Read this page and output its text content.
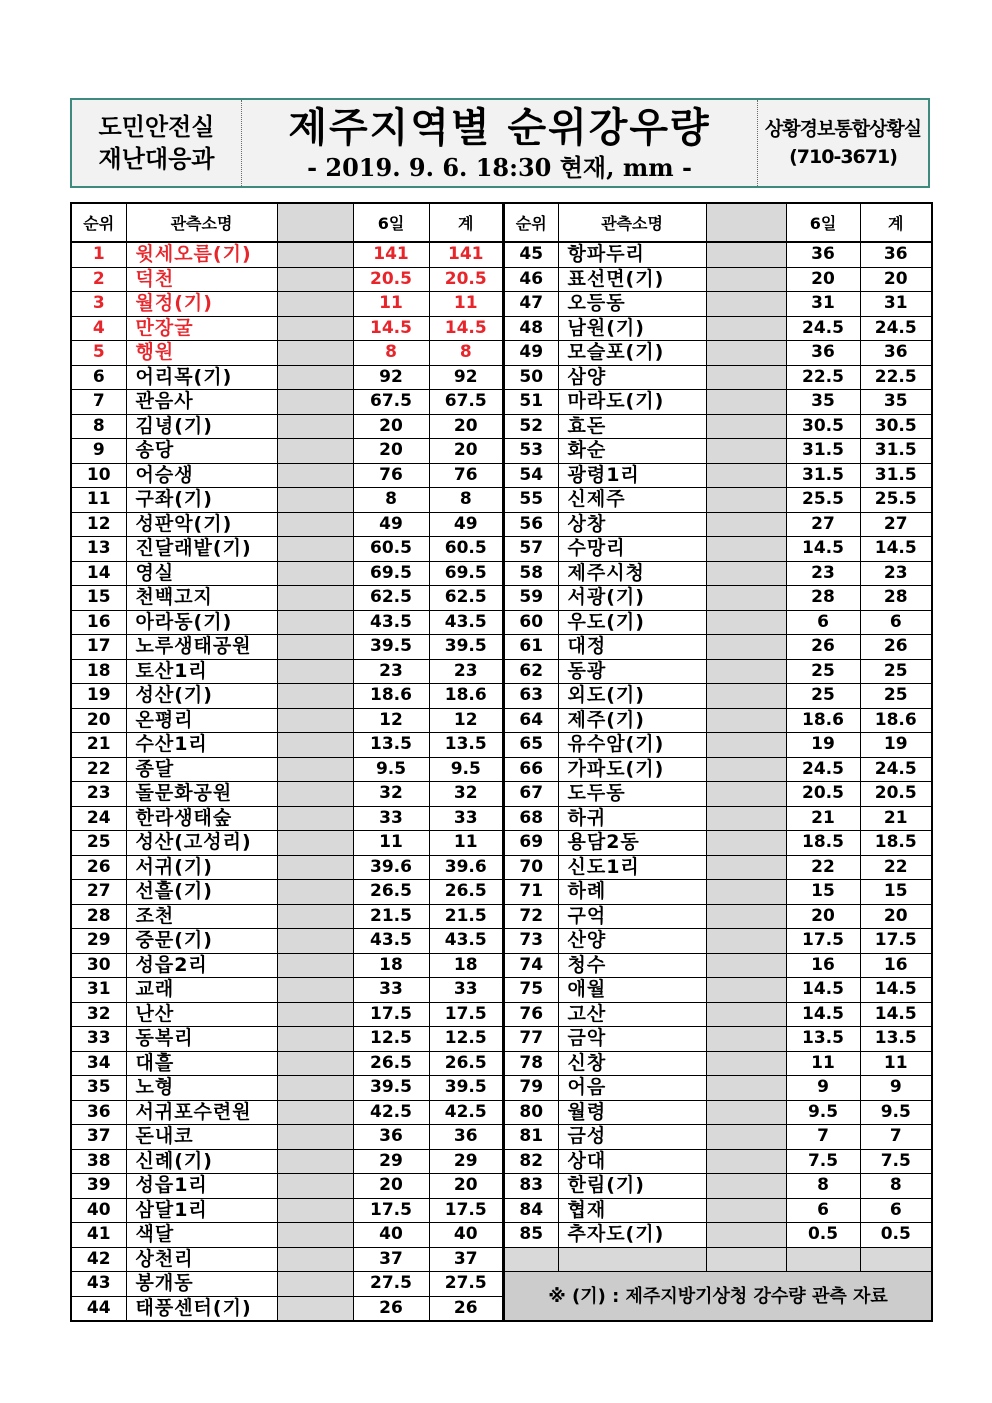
도민안전실
재난대응과
제주지역별 순위강우량
- 2019. 9. 6. 18:30 현재, mm -
상황경보통합상황실
(710-3671)
순위	관측소명		6일	계
1	윗세오름(기)		141	141
2	덕천		20.5	20.5
3	월정(기)		11	11
4	만장굴		14.5	14.5
5	행원		8	8
6	어리목(기)		92	92
7	관음사		67.5	67.5
8	김녕(기)		20	20
9	송당		20	20
10	어승생		76	76
11	구좌(기)		8	8
12	성판악(기)		49	49
13	진달래밭(기)		60.5	60.5
14	영실		69.5	69.5
15	천백고지		62.5	62.5
16	아라동(기)		43.5	43.5
17	노루생태공원		39.5	39.5
18	토산1리		23	23
19	성산(기)		18.6	18.6
20	온평리		12	12
21	수산1리		13.5	13.5
22	종달		9.5	9.5
23	돌문화공원		32	32
24	한라생태숲		33	33
25	성산(고성리)		11	11
26	서귀(기)		39.6	39.6
27	선흘(기)		26.5	26.5
28	조천		21.5	21.5
29	중문(기)		43.5	43.5
30	성읍2리		18	18
31	교래		33	33
32	난산		17.5	17.5
33	동복리		12.5	12.5
34	대흘		26.5	26.5
35	노형		39.5	39.5
36	서귀포수련원		42.5	42.5
37	돈내코		36	36
38	신례(기)		29	29
39	성읍1리		20	20
40	삼달1리		17.5	17.5
41	색달		40	40
42	상천리		37	37
43	봉개동		27.5	27.5
44	태풍센터(기)		26	26
순위	관측소명		6일	계
45	항파두리		36	36
46	표선면(기)		20	20
47	오등동		31	31
48	남원(기)		24.5	24.5
49	모슬포(기)		36	36
50	삼양		22.5	22.5
51	마라도(기)		35	35
52	효돈		30.5	30.5
53	화순		31.5	31.5
54	광령1리		31.5	31.5
55	신제주		25.5	25.5
56	상창		27	27
57	수망리		14.5	14.5
58	제주시청		23	23
59	서광(기)		28	28
60	우도(기)		6	6
61	대정		26	26
62	동광		25	25
63	외도(기)		25	25
64	제주(기)		18.6	18.6
65	유수암(기)		19	19
66	가파도(기)		24.5	24.5
67	도두동		20.5	20.5
68	하귀		21	21
69	용담2동		18.5	18.5
70	신도1리		22	22
71	하례		15	15
72	구억		20	20
73	산양		17.5	17.5
74	청수		16	16
75	애월		14.5	14.5
76	고산		14.5	14.5
77	금악		13.5	13.5
78	신창		11	11
79	어음		9	9
80	월령		9.5	9.5
81	금성		7	7
82	상대		7.5	7.5
83	한림(기)		8	8
84	협재		6	6
85	추자도(기)		0.5	0.5

※ (기) : 제주지방기상청 강수량 관측 자료				
